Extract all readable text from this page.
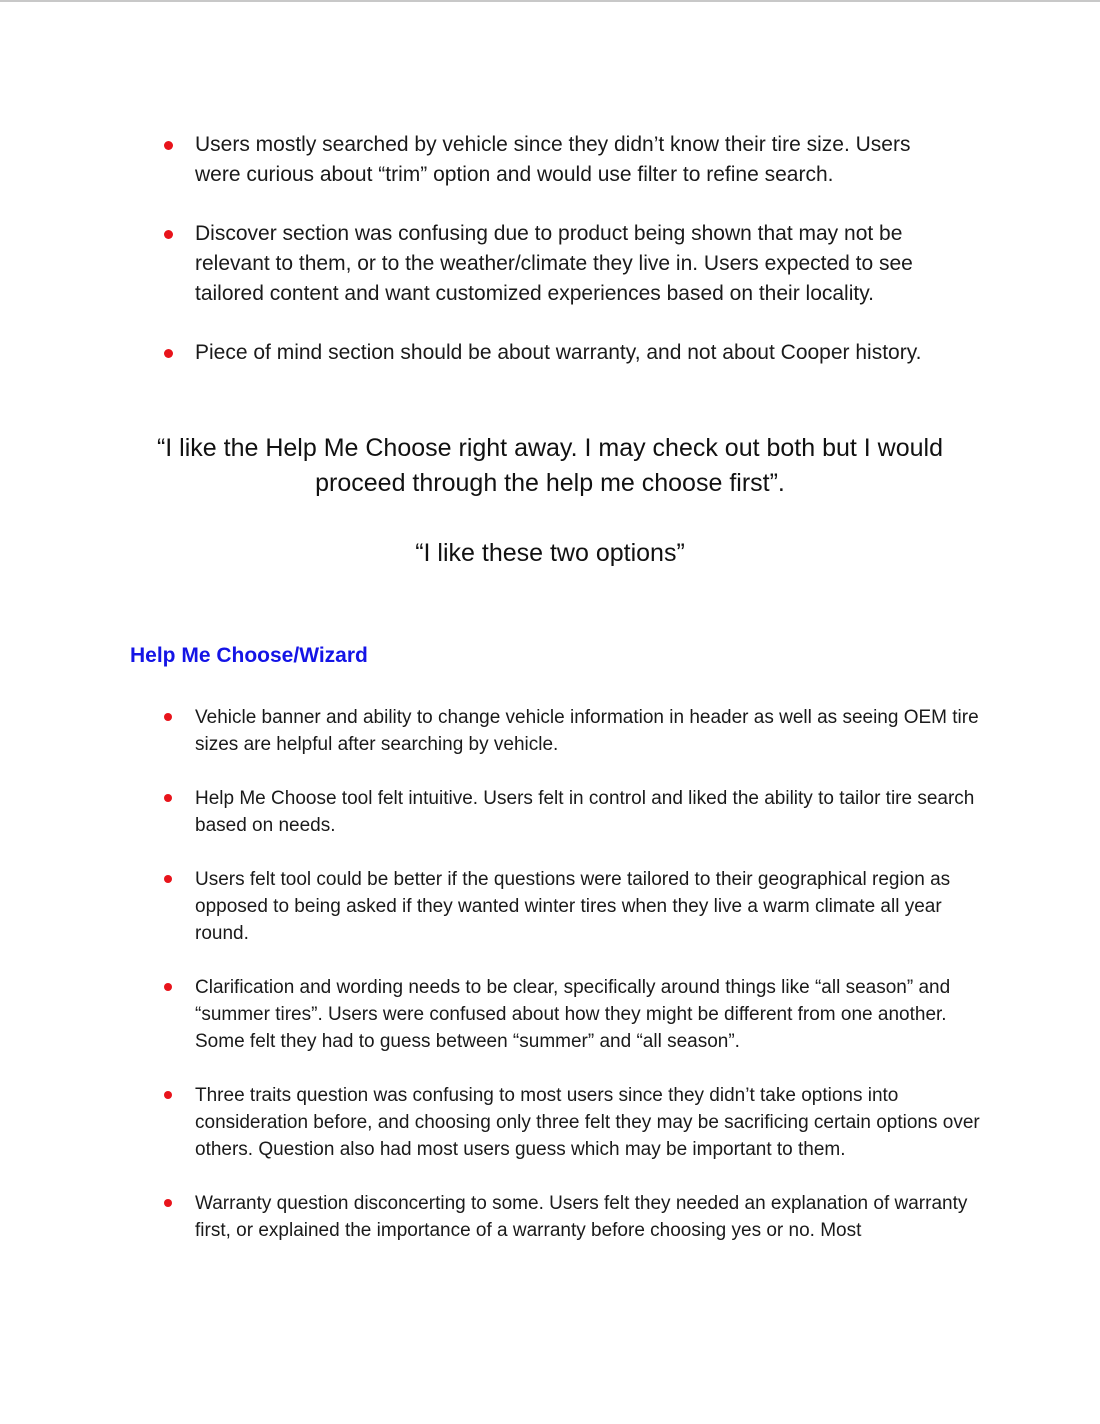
Users mostly searched by vehicle since they didn’t know their tire size. Users were curious about “trim” option and would use filter to refine search.
Discover section was confusing due to product being shown that may not be relevant to them, or to the weather/climate they live in. Users expected to see tailored content and want customized experiences based on their locality.
Piece of mind section should be about warranty, and not about Cooper history.
“I like the Help Me Choose right away. I may check out both but I would proceed through the help me choose first”.
“I like these two options”
Help Me Choose/Wizard
Vehicle banner and ability to change vehicle information in header as well as seeing OEM tire sizes are helpful after searching by vehicle.
Help Me Choose tool felt intuitive. Users felt in control and liked the ability to tailor tire search based on needs.
Users felt tool could be better if the questions were tailored to their geographical region as opposed to being asked if they wanted winter tires when they live a warm climate all year round.
Clarification and wording needs to be clear, specifically around things like “all season” and “summer tires”. Users were confused about how they might be different from one another. Some felt they had to guess between “summer” and “all season”.
Three traits question was confusing to most users since they didn’t take options into consideration before, and choosing only three felt they may be sacrificing certain options over others. Question also had most users guess which may be important to them.
Warranty question disconcerting to some. Users felt they needed an explanation of warranty first, or explained the importance of a warranty before choosing yes or no. Most
